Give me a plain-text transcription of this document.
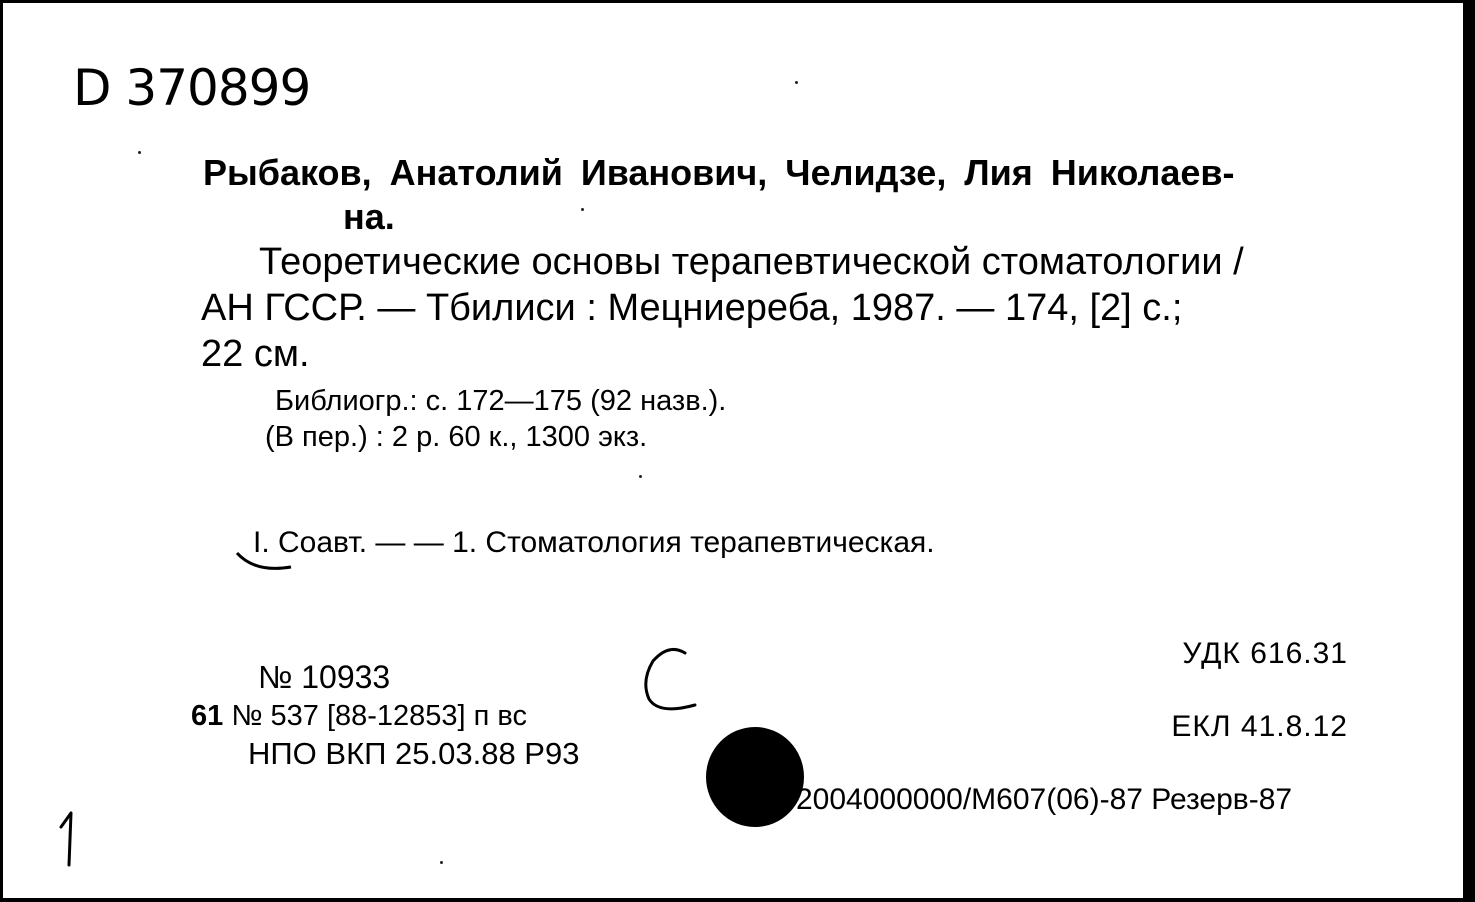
D 370899
Рыбаков, Анатолий Иванович, Челидзе, Лия Николаев-
на.
Теоретические основы терапевтической стоматологии /
АН ГССР. — Тбилиси : Мецниереба, 1987. — 174, [2] с.;
22 см.
Библиогр.: с. 172—175 (92 назв.).
(В пер.) : 2 р. 60 к., 1300 экз.
I. Соавт. — — 1. Стоматология терапевтическая.
УДК 616.31
ЕКЛ 41.8.12
№ 10933
61 № 537 [88-12853] п вс
НПО ВКП 25.03.88 Р93
2004000000/М607(06)-87 Резерв-87
